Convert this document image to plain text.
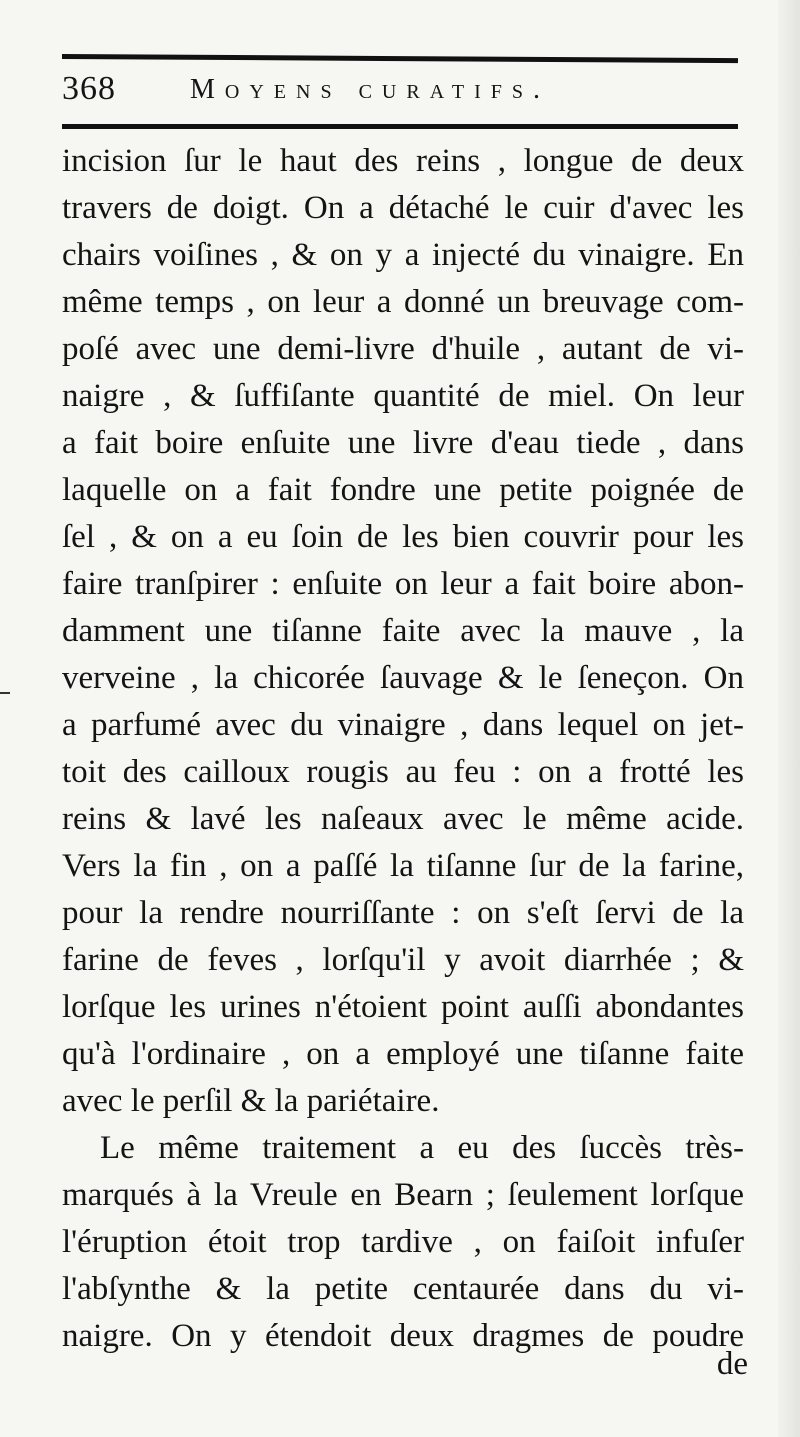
368	Moyens curatifs.
incision ſur le haut des reins , longue de deux
travers de doigt. On a détaché le cuir d'avec les
chairs voiſines , & on y a injecté du vinaigre. En
même temps , on leur a donné un breuvage com-
poſé avec une demi-livre d'huile , autant de vi-
naigre , & ſuffiſante quantité de miel. On leur
a fait boire enſuite une livre d'eau tiede , dans
laquelle on a fait fondre une petite poignée de
ſel , & on a eu ſoin de les bien couvrir pour les
faire tranſpirer : enſuite on leur a fait boire abon-
damment une tiſanne faite avec la mauve , la
verveine , la chicorée ſauvage & le ſeneçon. On
a parfumé avec du vinaigre , dans lequel on jet-
toit des cailloux rougis au feu : on a frotté les
reins & lavé les naſeaux avec le même acide.
Vers la fin , on a paſſé la tiſanne ſur de la farine,
pour la rendre nourriſſante : on s'eſt ſervi de la
farine de feves , lorſqu'il y avoit diarrhée ; &
lorſque les urines n'étoient point auſſi abondantes
qu'à l'ordinaire , on a employé une tiſanne faite
avec le perſil & la pariétaire.
Le même traitement a eu des ſuccès très-
marqués à la Vreule en Bearn ; ſeulement lorſque
l'éruption étoit trop tardive , on faiſoit infuſer
l'abſynthe & la petite centaurée dans du vi-
naigre. On y étendoit deux dragmes de poudre
de
